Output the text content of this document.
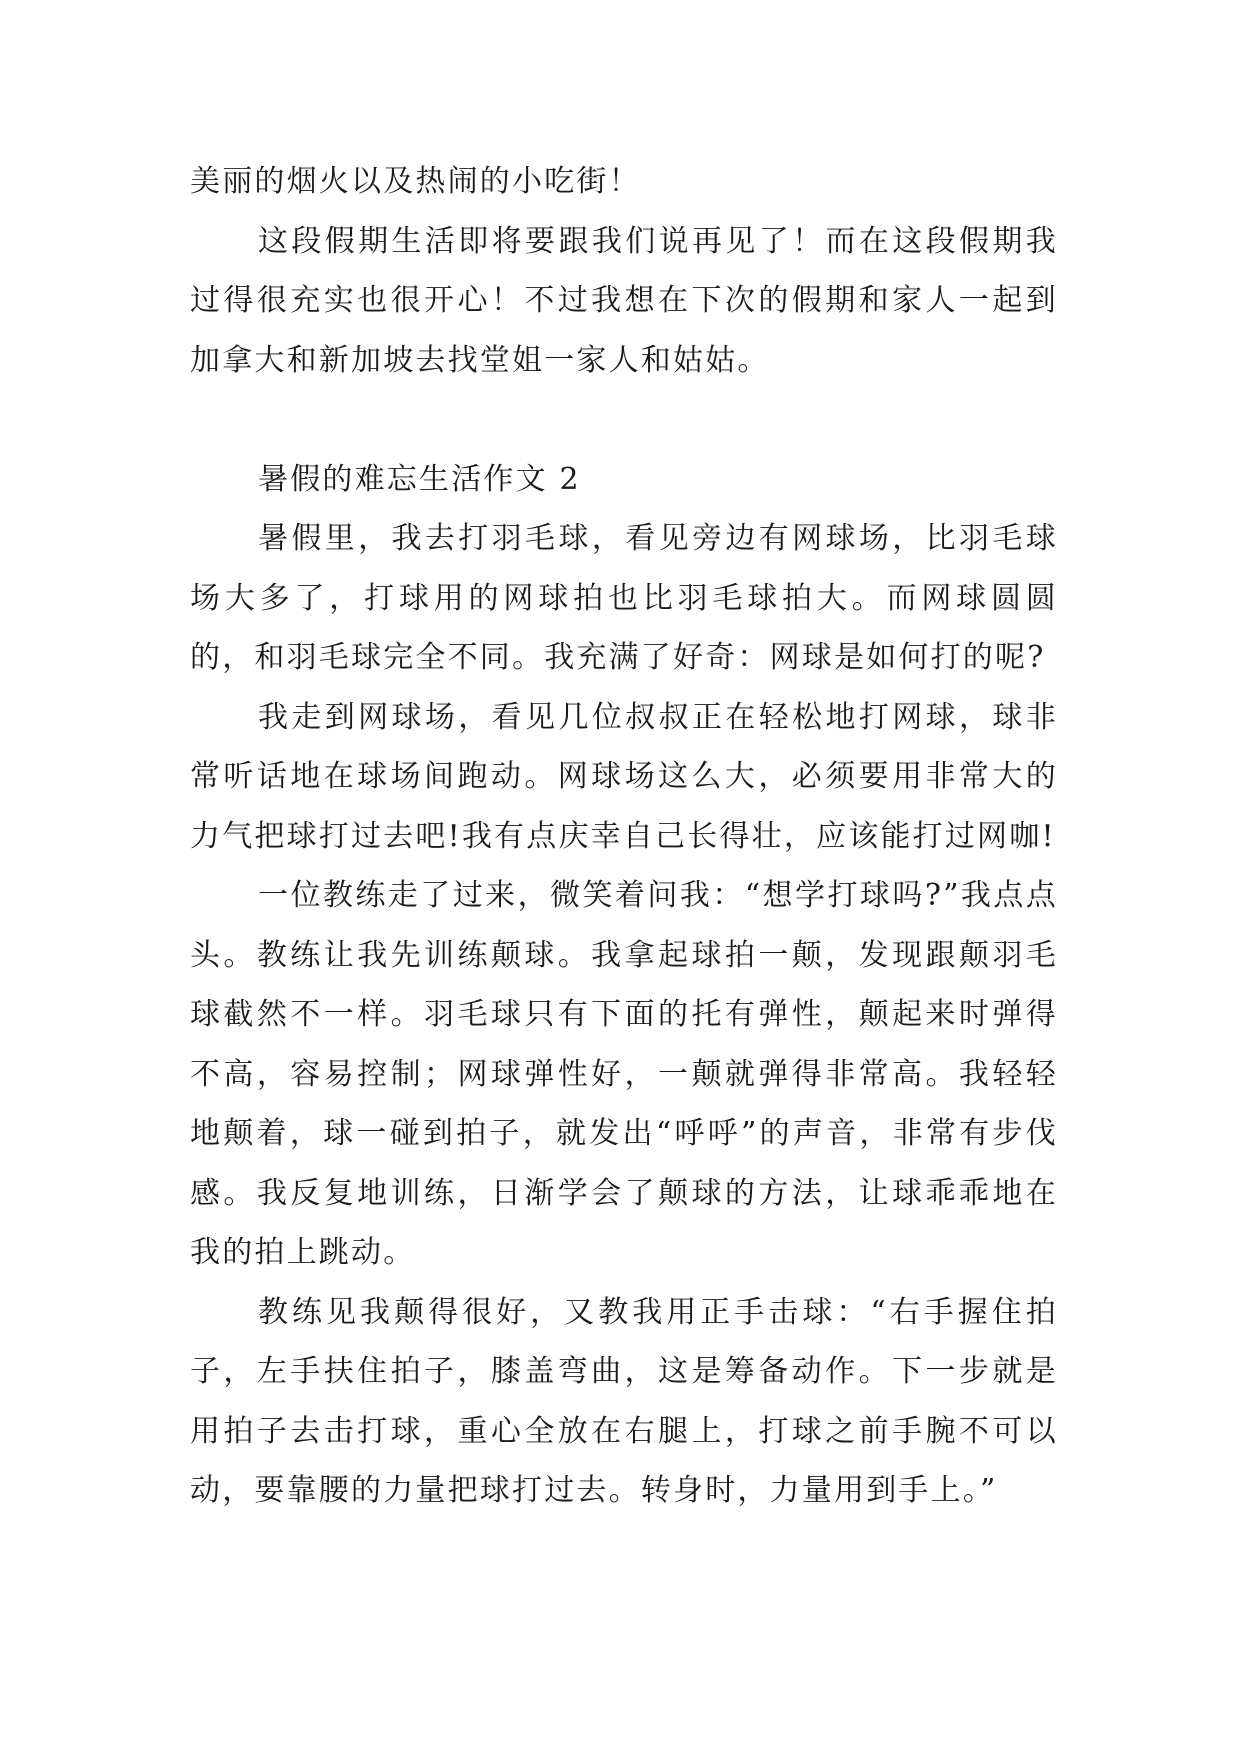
美丽的烟火以及热闹的小吃街！

这段假期生活即将要跟我们说再见了！而在这段假期我过得很充实也很开心！不过我想在下次的假期和家人一起到加拿大和新加坡去找堂姐一家人和姑姑。

暑假的难忘生活作文 2

暑假里，我去打羽毛球，看见旁边有网球场，比羽毛球场大多了，打球用的网球拍也比羽毛球拍大。而网球圆圆的，和羽毛球完全不同。我充满了好奇：网球是如何打的呢?

我走到网球场，看见几位叔叔正在轻松地打网球，球非常听话地在球场间跑动。网球场这么大，必须要用非常大的力气把球打过去吧!我有点庆幸自己长得壮，应该能打过网咖!

一位教练走了过来，微笑着问我：“想学打球吗?”我点点头。教练让我先训练颠球。我拿起球拍一颠，发现跟颠羽毛球截然不一样。羽毛球只有下面的托有弹性，颠起来时弹得不高，容易控制；网球弹性好，一颠就弹得非常高。我轻轻地颠着，球一碰到拍子，就发出“呼呼”的声音，非常有步伐感。我反复地训练，日渐学会了颠球的方法，让球乖乖地在我的拍上跳动。

教练见我颠得很好，又教我用正手击球：“右手握住拍子，左手扶住拍子，膝盖弯曲，这是筹备动作。下一步就是用拍子去击打球，重心全放在右腿上，打球之前手腕不可以动，要靠腰的力量把球打过去。转身时，力量用到手上。”
